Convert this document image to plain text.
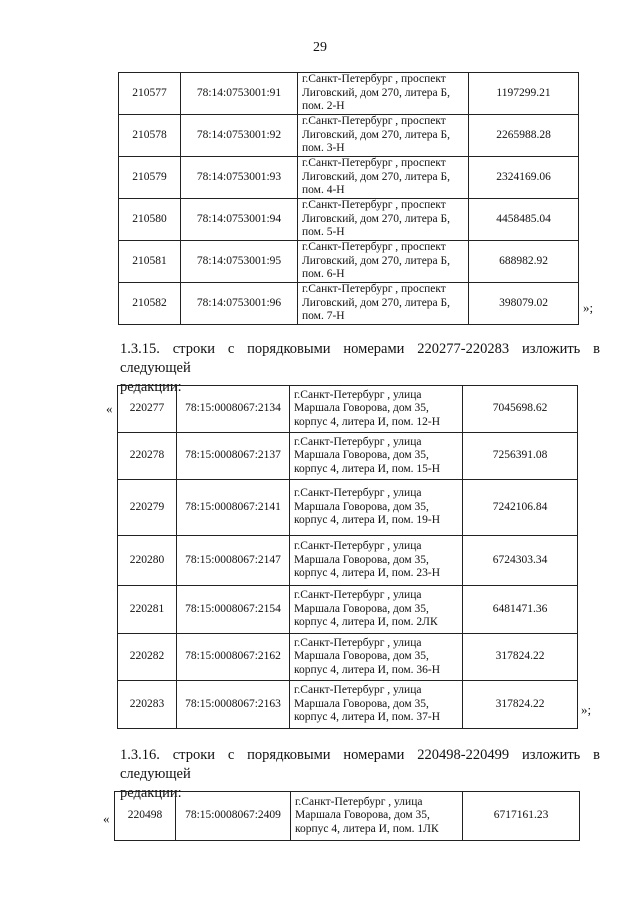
29
210577	78:14:0753001:91	г.Санкт-Петербург , проспект
Лиговский, дом 270, литера Б,
пом. 2-Н	1197299.21
210578	78:14:0753001:92	г.Санкт-Петербург , проспект
Лиговский, дом 270, литера Б,
пом. 3-Н	2265988.28
210579	78:14:0753001:93	г.Санкт-Петербург , проспект
Лиговский, дом 270, литера Б,
пом. 4-Н	2324169.06
210580	78:14:0753001:94	г.Санкт-Петербург , проспект
Лиговский, дом 270, литера Б,
пом. 5-Н	4458485.04
210581	78:14:0753001:95	г.Санкт-Петербург , проспект
Лиговский, дом 270, литера Б,
пом. 6-Н	688982.92
210582	78:14:0753001:96	г.Санкт-Петербург , проспект
Лиговский, дом 270, литера Б,
пом. 7-Н	398079.02	»;
1.3.15. строки с порядковыми номерами 220277-220283 изложить в следующей
редакции:
« 220277	78:15:0008067:2134	г.Санкт-Петербург , улица
Маршала Говорова, дом 35,
корпус 4, литера И, пом. 12-Н	7045698.62
220278	78:15:0008067:2137	г.Санкт-Петербург , улица
Маршала Говорова, дом 35,
корпус 4, литера И, пом. 15-Н	7256391.08
220279	78:15:0008067:2141	г.Санкт-Петербург , улица
Маршала Говорова, дом 35,
корпус 4, литера И, пом. 19-Н	7242106.84
220280	78:15:0008067:2147	г.Санкт-Петербург , улица
Маршала Говорова, дом 35,
корпус 4, литера И, пом. 23-Н	6724303.34
220281	78:15:0008067:2154	г.Санкт-Петербург , улица
Маршала Говорова, дом 35,
корпус 4, литера И, пом. 2ЛК	6481471.36
220282	78:15:0008067:2162	г.Санкт-Петербург , улица
Маршала Говорова, дом 35,
корпус 4, литера И, пом. 36-Н	317824.22
220283	78:15:0008067:2163	г.Санкт-Петербург , улица
Маршала Говорова, дом 35,
корпус 4, литера И, пом. 37-Н	317824.22	»;
1.3.16. строки с порядковыми номерами 220498-220499 изложить в следующей
редакции:
« 220498	78:15:0008067:2409	г.Санкт-Петербург , улица
Маршала Говорова, дом 35,
корпус 4, литера И, пом. 1ЛК	6717161.23
